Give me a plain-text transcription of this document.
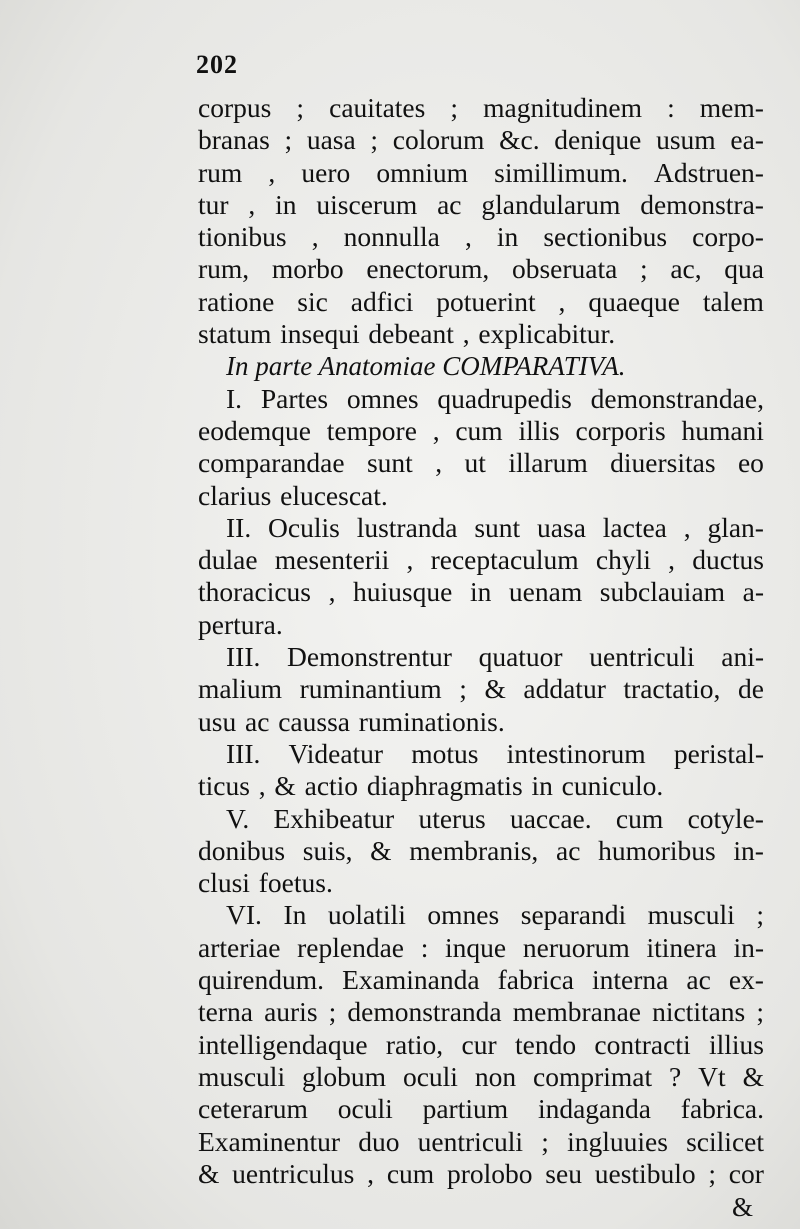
202
corpus ; cauitates ; magnitudinem : mem-
branas ; uasa ; colorum &c. denique usum ea-
rum , uero omnium simillimum. Adstruen-
tur , in uiscerum ac glandularum demonstra-
tionibus , nonnulla , in sectionibus corpo-
rum, morbo enectorum, obseruata ; ac, qua
ratione sic adfici potuerint , quaeque talem
statum insequi debeant , explicabitur.
In parte Anatomiae COMPARATIVA.
I. Partes omnes quadrupedis demonstrandae,
eodemque tempore , cum illis corporis humani
comparandae sunt , ut illarum diuersitas eo
clarius elucescat.
II. Oculis lustranda sunt uasa lactea , glan-
dulae mesenterii , receptaculum chyli , ductus
thoracicus , huiusque in uenam subclauiam a-
pertura.
III. Demonstrentur quatuor uentriculi ani-
malium ruminantium ; & addatur tractatio, de
usu ac caussa ruminationis.
III. Videatur motus intestinorum peristal-
ticus , & actio diaphragmatis in cuniculo.
V. Exhibeatur uterus uaccae. cum cotyle-
donibus suis, & membranis, ac humoribus in-
clusi foetus.
VI. In uolatili omnes separandi musculi ;
arteriae replendae : inque neruorum itinera in-
quirendum. Examinanda fabrica interna ac ex-
terna auris ; demonstranda membranae nictitans ;
intelligendaque ratio, cur tendo contracti illius
musculi globum oculi non comprimat ? Vt &
ceterarum oculi partium indaganda fabrica.
Examinentur duo uentriculi ; ingluuies scilicet
& uentriculus , cum prolobo seu uestibulo ; cor
&
